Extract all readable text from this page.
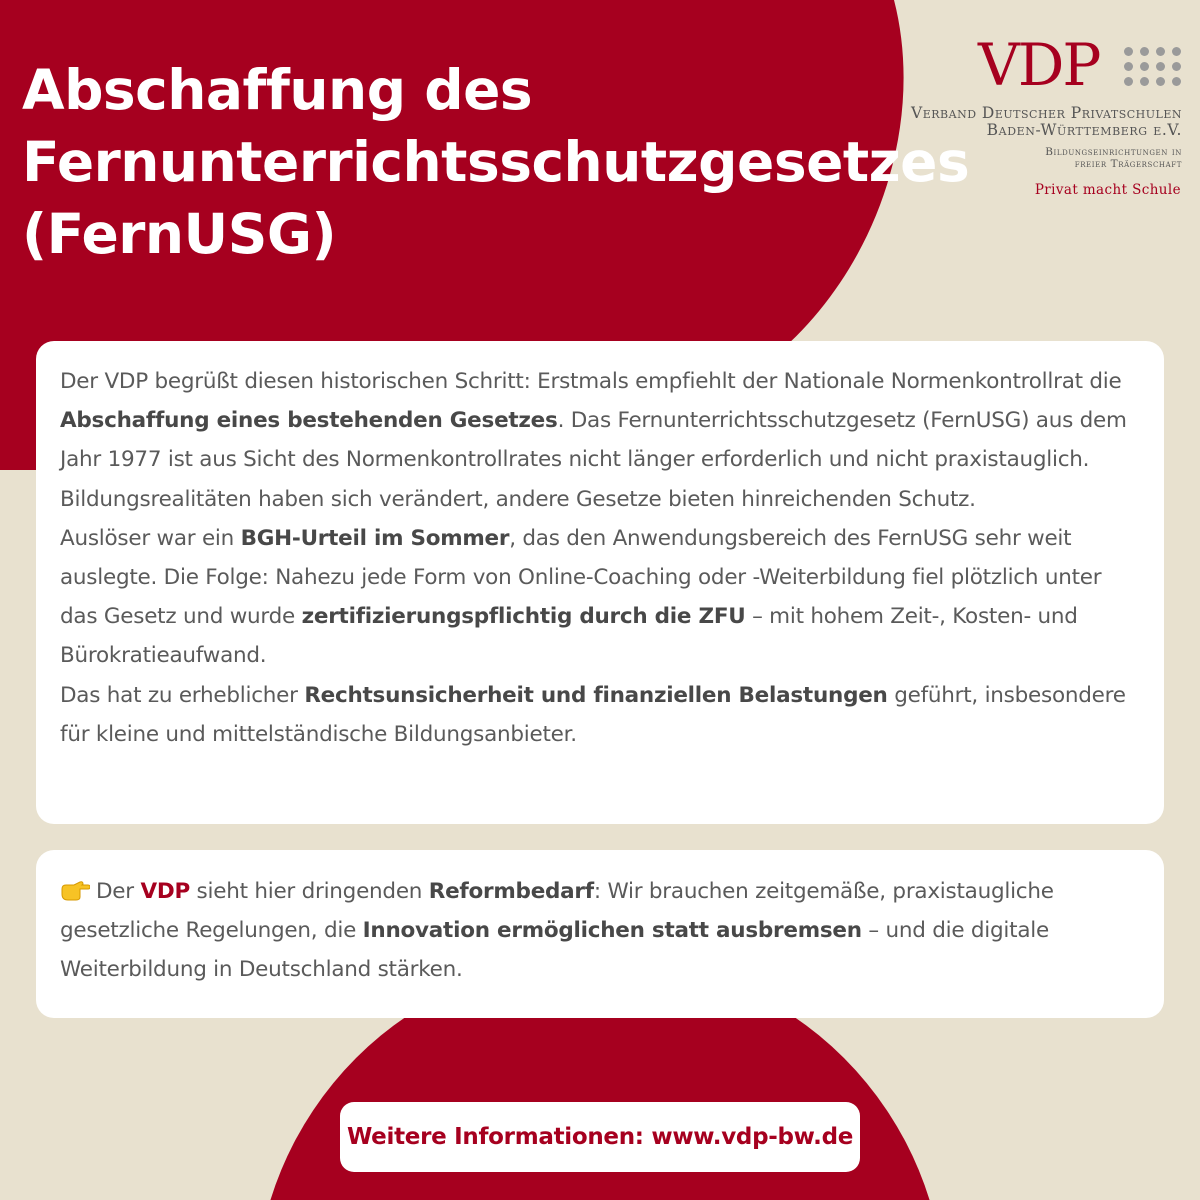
Abschaffung des
Fernunterrichtsschutzgesetzes
(FernUSG)
VDP
Verband Deutscher Privatschulen
Baden-Württemberg e.V.
Bildungseinrichtungen in
freier Trägerschaft
Privat macht Schule

Der VDP begrüßt diesen historischen Schritt: Erstmals empfiehlt der Nationale Normenkontrollrat die Abschaffung eines bestehenden Gesetzes. Das Fernunterrichtsschutzgesetz (FernUSG) aus dem Jahr 1977 ist aus Sicht des Normenkontrollrates nicht länger erforderlich und nicht praxistauglich. Bildungsrealitäten haben sich verändert, andere Gesetze bieten hinreichenden Schutz.

Auslöser war ein BGH-Urteil im Sommer, das den Anwendungsbereich des FernUSG sehr weit auslegte. Die Folge: Nahezu jede Form von Online-Coaching oder -Weiterbildung fiel plötzlich unter das Gesetz und wurde zertifizierungspflichtig durch die ZFU – mit hohem Zeit-, Kosten- und Bürokratieaufwand.

Das hat zu erheblicher Rechtsunsicherheit und finanziellen Belastungen geführt, insbesondere für kleine und mittelständische Bildungsanbieter.

Der VDP sieht hier dringenden Reformbedarf: Wir brauchen zeitgemäße, praxistaugliche gesetzliche Regelungen, die Innovation ermöglichen statt ausbremsen – und die digitale Weiterbildung in Deutschland stärken.

Weitere Informationen: www.vdp-bw.de
